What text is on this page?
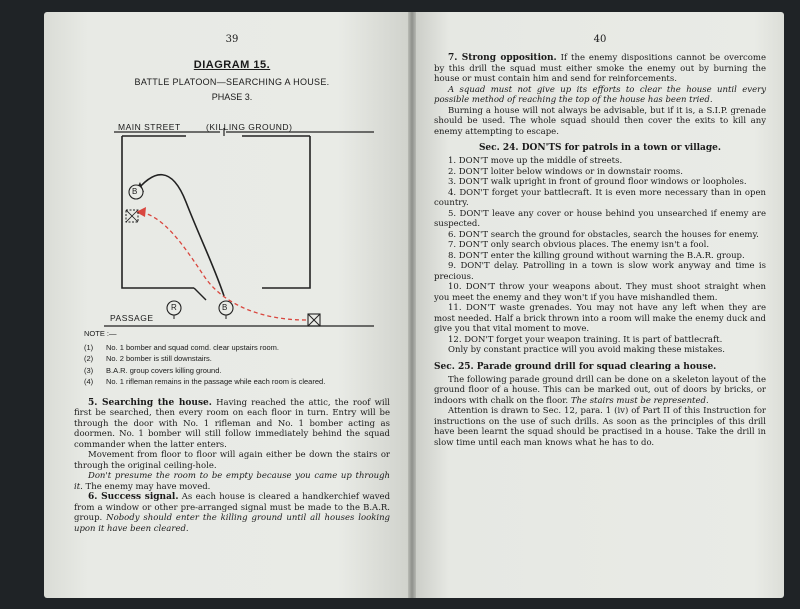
39
DIAGRAM 15.
BATTLE PLATOON—SEARCHING A HOUSE.
PHASE 3.
MAIN STREET	(KILLING GROUND)
PASSAGE
B
R	B
NOTE :—
(1) No. 1 bomber and squad comd. clear upstairs room.
(2) No. 2 bomber is still downstairs.
(3) B.A.R. group covers killing ground.
(4) No. 1 rifleman remains in the passage while each room is cleared.

5. Searching the house. Having reached the attic, the roof will first be searched, then every room on each floor in turn. Entry will be through the door with No. 1 rifleman and No. 1 bomber acting as doormen. No. 1 bomber will still follow immediately behind the squad commander when the latter enters.

Movement from floor to floor will again either be down the stairs or through the original ceiling-hole.

Don't presume the room to be empty because you came up through it. The enemy may have moved.

6. Success signal. As each house is cleared a handkerchief waved from a window or other pre-arranged signal must be made to the B.A.R. group. Nobody should enter the killing ground until all houses looking upon it have been cleared.

40

7. Strong opposition. If the enemy dispositions cannot be overcome by this drill the squad must either smoke the enemy out by burning the house or must contain him and send for reinforcements.

A squad must not give up its efforts to clear the house until every possible method of reaching the top of the house has been tried.

Burning a house will not always be advisable, but if it is, a S.I.P. grenade should be used. The whole squad should then cover the exits to kill any enemy attempting to escape.

Sec. 24. DON'TS for patrols in a town or village.

1. DON'T move up the middle of streets.

2. DON'T loiter below windows or in downstair rooms.

3. DON'T walk upright in front of ground floor windows or loopholes.

4. DON'T forget your battlecraft. It is even more necessary than in open country.

5. DON'T leave any cover or house behind you unsearched if enemy are suspected.

6. DON'T search the ground for obstacles, search the houses for enemy.

7. DON'T only search obvious places. The enemy isn't a fool.

8. DON'T enter the killing ground without warning the B.A.R. group.

9. DON'T delay. Patrolling in a town is slow work anyway and time is precious.

10. DON'T throw your weapons about. They must shoot straight when you meet the enemy and they won't if you have mishandled them.

11. DON'T waste grenades. You may not have any left when they are most needed. Half a brick thrown into a room will make the enemy duck and give you that vital moment to move.

12. DON'T forget your weapon training. It is part of battlecraft.

Only by constant practice will you avoid making these mistakes.

Sec. 25. Parade ground drill for squad clearing a house.

The following parade ground drill can be done on a skeleton layout of the ground floor of a house. This can be marked out, out of doors by bricks, or indoors with chalk on the floor. The stairs must be represented.

Attention is drawn to Sec. 12, para. 1 (iv) of Part II of this Instruction for instructions on the use of such drills. As soon as the principles of this drill have been learnt the squad should be practised in a house. Take the drill in slow time until each man knows what he has to do.
